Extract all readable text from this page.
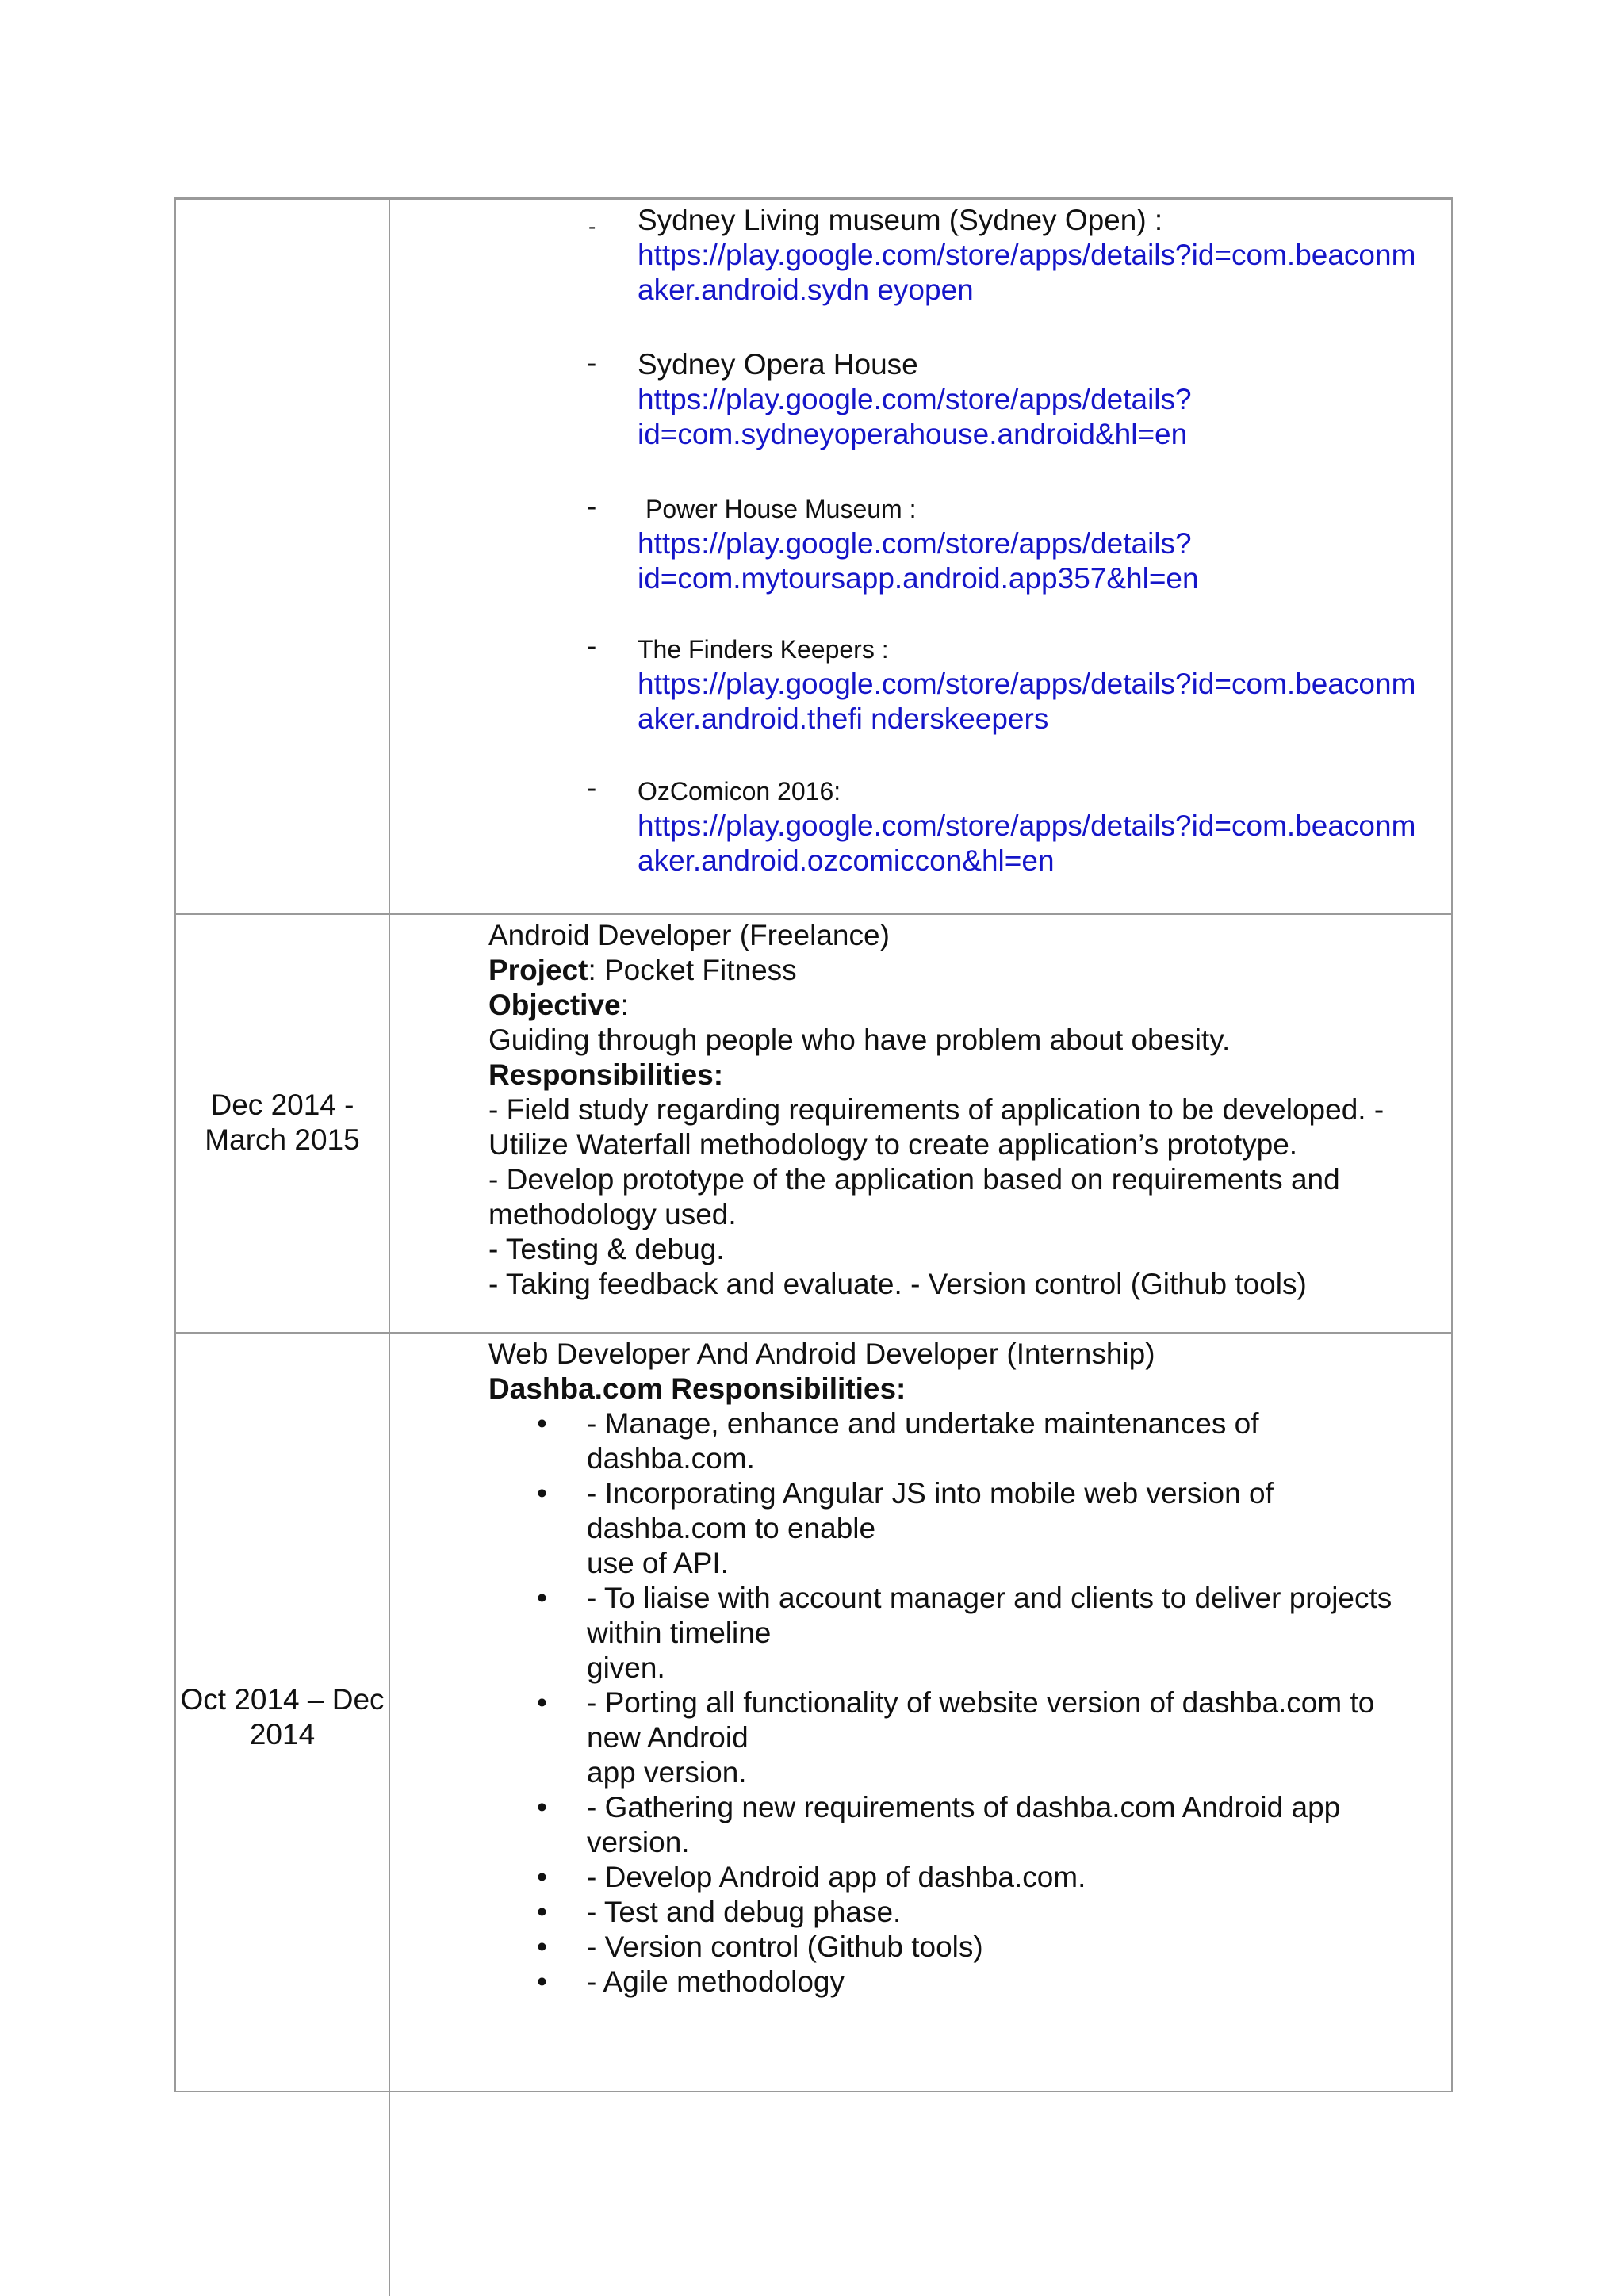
- Sydney Living museum (Sydney Open) :
https://play.google.com/store/apps/details?id=com.beaconm
aker.android.sydn eyopen
- Sydney Opera House
https://play.google.com/store/apps/details?
id=com.sydneyoperahouse.android&hl=en
-	Power House Museum :
https://play.google.com/store/apps/details?
id=com.mytoursapp.android.app357&hl=en
- The Finders Keepers :
https://play.google.com/store/apps/details?id=com.beaconm
aker.android.thefi nderskeepers
- OzComicon 2016:
https://play.google.com/store/apps/details?id=com.beaconm
aker.android.ozcomiccon&hl=en
Dec 2014 -
March 2015
Android Developer (Freelance)
Project: Pocket Fitness
Objective:
Guiding through people who have problem about obesity.
Responsibilities:
- Field study regarding requirements of application to be developed. -
Utilize Waterfall methodology to create application’s prototype.
- Develop prototype of the application based on requirements and
methodology used.
- Testing & debug.
- Taking feedback and evaluate. - Version control (Github tools)
Oct 2014 – Dec
2014
Web Developer And Android Developer (Internship)
Dashba.com Responsibilities:
• - Manage, enhance and undertake maintenances of
dashba.com.
• - Incorporating Angular JS into mobile web version of
dashba.com to enable
use of API.
• - To liaise with account manager and clients to deliver projects
within timeline
given.
• - Porting all functionality of website version of dashba.com to
new Android
app version.
• - Gathering new requirements of dashba.com Android app
version.
• - Develop Android app of dashba.com.
• - Test and debug phase.
• - Version control (Github tools)
• - Agile methodology
